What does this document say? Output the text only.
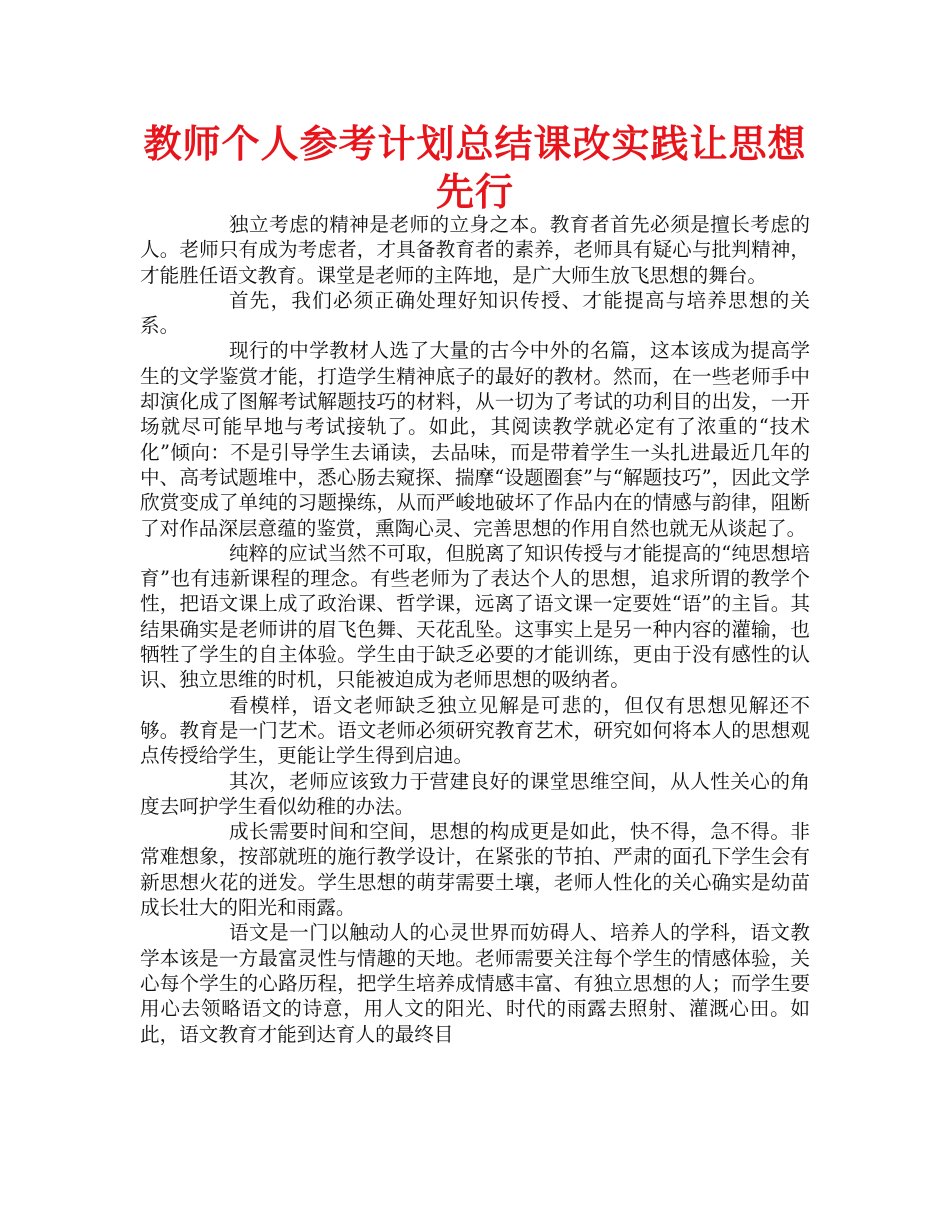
教师个人参考计划总结课改实践让思想先行

独立考虑的精神是老师的立身之本。教育者首先必须是擅长考虑的人。老师只有成为考虑者，才具备教育者的素养，老师具有疑心与批判精神，才能胜任语文教育。课堂是老师的主阵地，是广大师生放飞思想的舞台。

首先，我们必须正确处理好知识传授、才能提高与培养思想的关系。

现行的中学教材人选了大量的古今中外的名篇，这本该成为提高学生的文学鉴赏才能，打造学生精神底子的最好的教材。然而，在一些老师手中却演化成了图解考试解题技巧的材料，从一切为了考试的功利目的出发，一开场就尽可能早地与考试接轨了。如此，其阅读教学就必定有了浓重的“技术化”倾向：不是引导学生去诵读，去品味，而是带着学生一头扎进最近几年的中、高考试题堆中，悉心肠去窥探、揣摩“设题圈套”与“解题技巧”，因此文学欣赏变成了单纯的习题操练，从而严峻地破坏了作品内在的情感与韵律，阻断了对作品深层意蕴的鉴赏，熏陶心灵、完善思想的作用自然也就无从谈起了。

纯粹的应试当然不可取，但脱离了知识传授与才能提高的“纯思想培育”也有违新课程的理念。有些老师为了表达个人的思想，追求所谓的教学个性，把语文课上成了政治课、哲学课，远离了语文课一定要姓“语”的主旨。其结果确实是老师讲的眉飞色舞、天花乱坠。这事实上是另一种内容的灌输，也牺牲了学生的自主体验。学生由于缺乏必要的才能训练，更由于没有感性的认识、独立思维的时机，只能被迫成为老师思想的吸纳者。

看模样，语文老师缺乏独立见解是可悲的，但仅有思想见解还不够。教育是一门艺术。语文老师必须研究教育艺术，研究如何将本人的思想观点传授给学生，更能让学生得到启迪。

其次，老师应该致力于营建良好的课堂思维空间，从人性关心的角度去呵护学生看似幼稚的办法。

成长需要时间和空间，思想的构成更是如此，快不得，急不得。非常难想象，按部就班的施行教学设计，在紧张的节拍、严肃的面孔下学生会有新思想火花的迸发。学生思想的萌芽需要土壤，老师人性化的关心确实是幼苗成长壮大的阳光和雨露。

语文是一门以触动人的心灵世界而妨碍人、培养人的学科，语文教学本该是一方最富灵性与情趣的天地。老师需要关注每个学生的情感体验，关心每个学生的心路历程，把学生培养成情感丰富、有独立思想的人；而学生要用心去领略语文的诗意，用人文的阳光、时代的雨露去照射、灌溉心田。如此，语文教育才能到达育人的最终目
